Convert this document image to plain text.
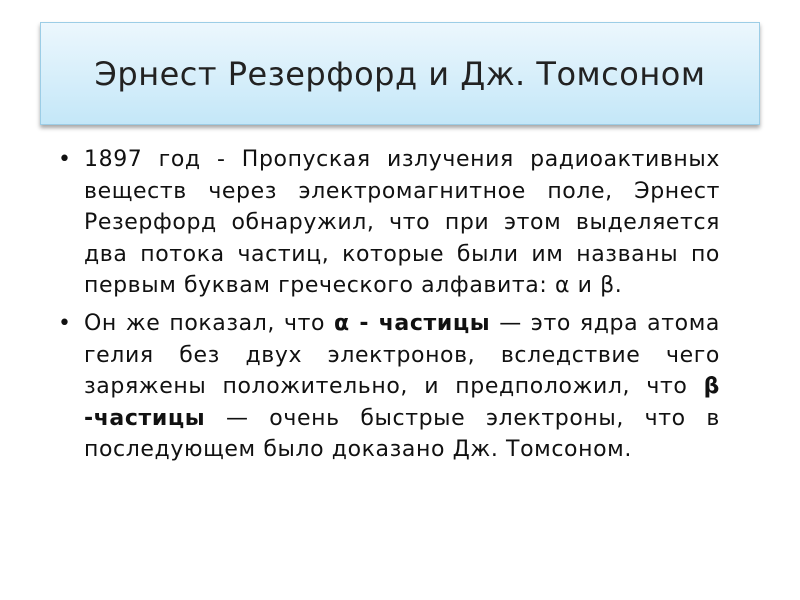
Эрнест Резерфорд и Дж. Томсоном
• 1897 год - Пропуская излучения радиоактивных веществ через электромагнитное поле, Эрнест Резерфорд обнаружил, что при этом выделяется два потока частиц, которые были им названы по первым буквам греческого алфавита: α и β.
• Он же показал, что α - частицы — это ядра атома гелия без двух электронов, вследствие чего заряжены положительно, и предположил, что β -частицы — очень быстрые электроны, что в последующем было доказано Дж. Томсоном.
